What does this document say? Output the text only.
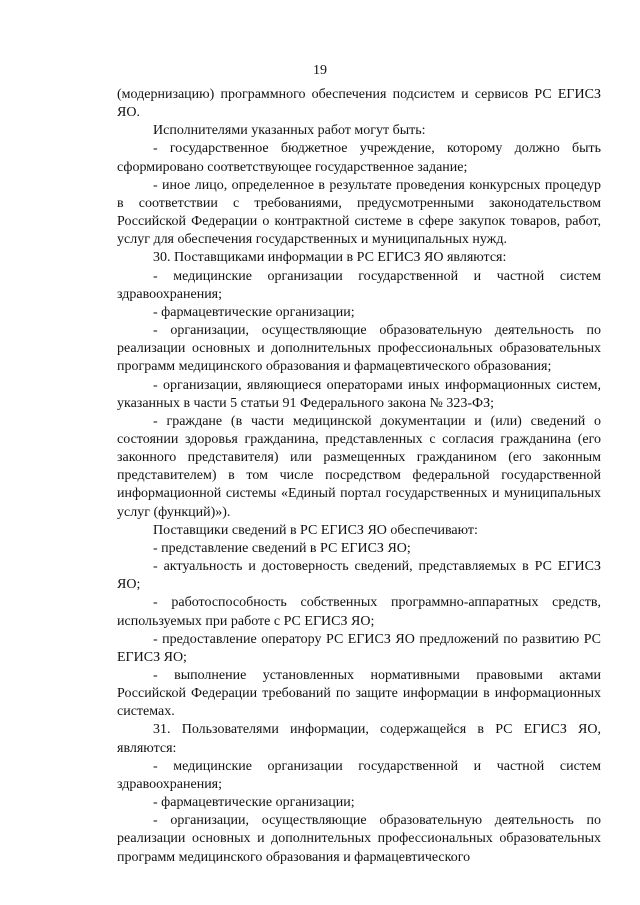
19

(модернизацию) программного обеспечения подсистем и сервисов РС ЕГИСЗ ЯО.

Исполнителями указанных работ могут быть:

- государственное бюджетное учреждение, которому должно быть сформировано соответствующее государственное задание;

- иное лицо, определенное в результате проведения конкурсных процедур в соответствии с требованиями, предусмотренными законодательством Российской Федерации о контрактной системе в сфере закупок товаров, работ, услуг для обеспечения государственных и муниципальных нужд.

30. Поставщиками информации в РС ЕГИСЗ ЯО являются:

- медицинские организации государственной и частной систем здравоохранения;

- фармацевтические организации;

- организации, осуществляющие образовательную деятельность по реализации основных и дополнительных профессиональных образовательных программ медицинского образования и фармацевтического образования;

- организации, являющиеся операторами иных информационных систем, указанных в части 5 статьи 91 Федерального закона № 323-ФЗ;

- граждане (в части медицинской документации и (или) сведений о состоянии здоровья гражданина, представленных с согласия гражданина (его законного представителя) или размещенных гражданином (его законным представителем) в том числе посредством федеральной государственной информационной системы «Единый портал государственных и муниципальных услуг (функций)»).

Поставщики сведений в РС ЕГИСЗ ЯО обеспечивают:

- представление сведений в РС ЕГИСЗ ЯО;

- актуальность и достоверность сведений, представляемых в РС ЕГИСЗ ЯО;

- работоспособность собственных программно-аппаратных средств, используемых при работе с РС ЕГИСЗ ЯО;

- предоставление оператору РС ЕГИСЗ ЯО предложений по развитию РС ЕГИСЗ ЯО;

- выполнение установленных нормативными правовыми актами Российской Федерации требований по защите информации в информационных системах.

31. Пользователями информации, содержащейся в РС ЕГИСЗ ЯО, являются:

- медицинские организации государственной и частной систем здравоохранения;

- фармацевтические организации;

- организации, осуществляющие образовательную деятельность по реализации основных и дополнительных профессиональных образовательных программ медицинского образования и фармацевтического
